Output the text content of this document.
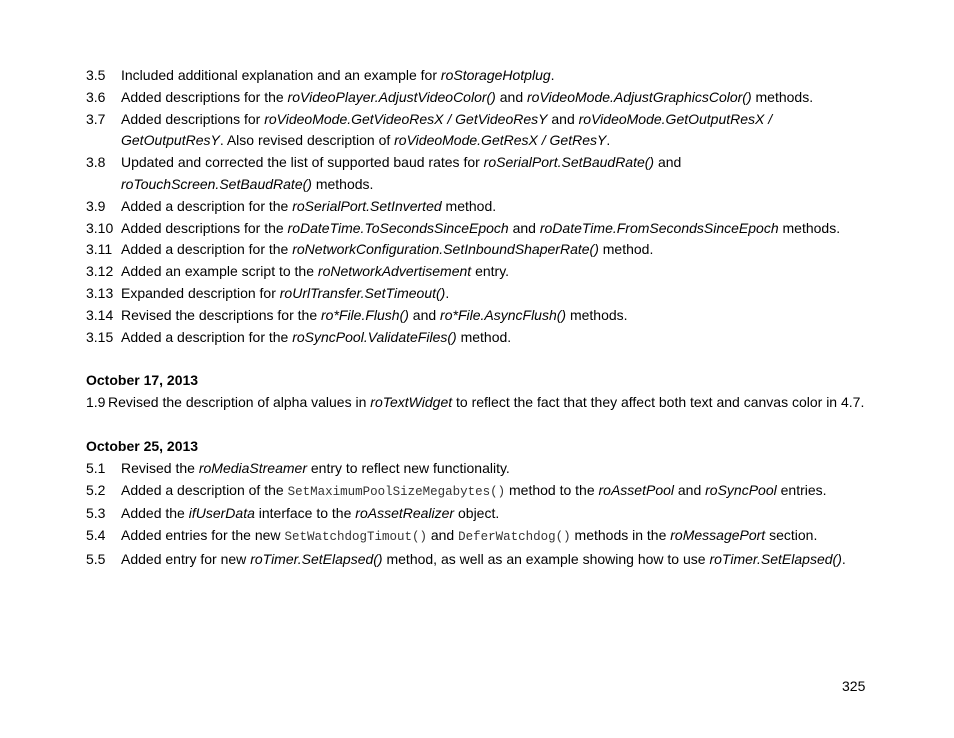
3.5	Included additional explanation and an example for roStorageHotplug.
3.6	Added descriptions for the roVideoPlayer.AdjustVideoColor() and roVideoMode.AdjustGraphicsColor() methods.
3.7	Added descriptions for roVideoMode.GetVideoResX / GetVideoResY and roVideoMode.GetOutputResX / GetOutputResY. Also revised description of roVideoMode.GetResX / GetResY.
3.8	Updated and corrected the list of supported baud rates for roSerialPort.SetBaudRate() and roTouchScreen.SetBaudRate() methods.
3.9	Added a description for the roSerialPort.SetInverted method.
3.10 Added descriptions for the roDateTime.ToSecondsSinceEpoch and roDateTime.FromSecondsSinceEpoch methods.
3.11 Added a description for the roNetworkConfiguration.SetInboundShaperRate() method.
3.12 Added an example script to the roNetworkAdvertisement entry.
3.13 Expanded description for roUrlTransfer.SetTimeout().
3.14 Revised the descriptions for the ro*File.Flush() and ro*File.AsyncFlush() methods.
3.15 Added a description for the roSyncPool.ValidateFiles() method.
October 17, 2013
1.9 Revised the description of alpha values in roTextWidget to reflect the fact that they affect both text and canvas color in 4.7.
October 25, 2013
5.1	Revised the roMediaStreamer entry to reflect new functionality.
5.2	Added a description of the SetMaximumPoolSizeMegabytes() method to the roAssetPool and roSyncPool entries.
5.3	Added the ifUserData interface to the roAssetRealizer object.
5.4	Added entries for the new SetWatchdogTimout() and DeferWatchdog() methods in the roMessagePort section.
5.5	Added entry for new roTimer.SetElapsed() method, as well as an example showing how to use roTimer.SetElapsed().
325
